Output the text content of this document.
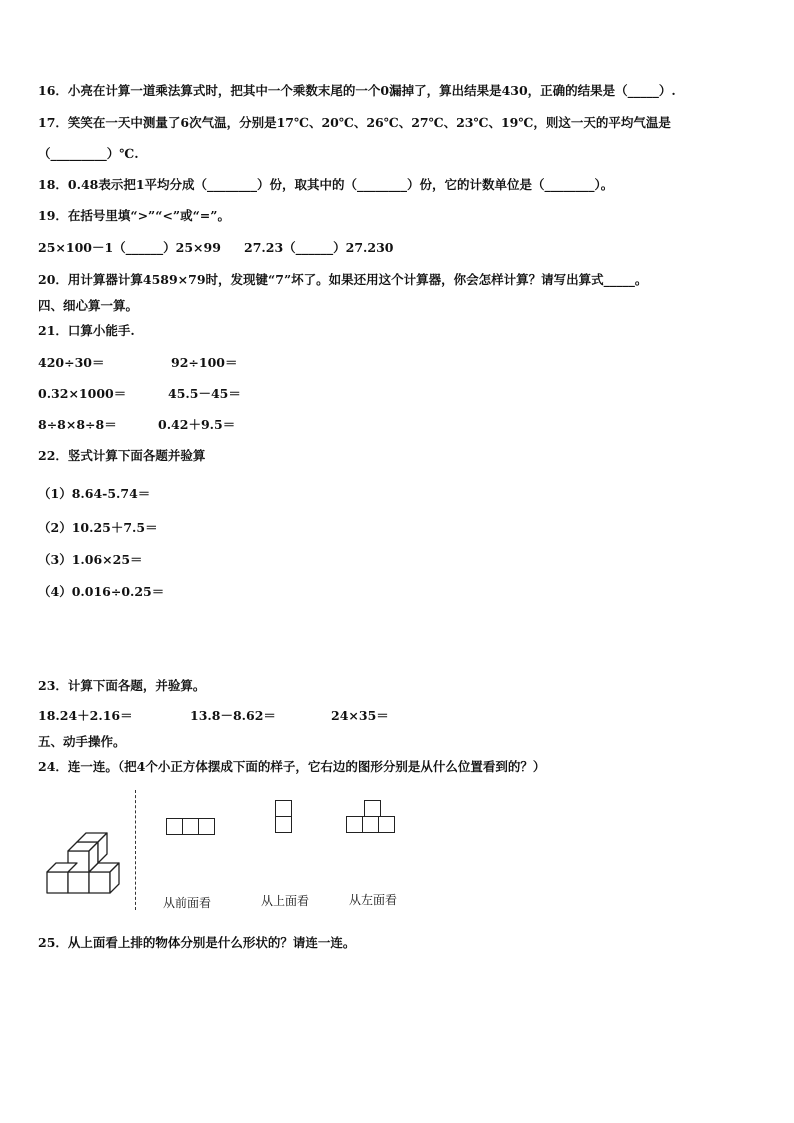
16．小亮在计算一道乘法算式时，把其中一个乘数末尾的一个0漏掉了，算出结果是430，正确的结果是（_____）.
17．笑笑在一天中测量了6次气温，分别是17℃、20℃、26℃、27℃、23℃、19℃，则这一天的平均气温是
（_________）℃.
18．0.48表示把1平均分成（________）份，取其中的（________）份，它的计数单位是（________）。
19．在括号里填“>”“<”或“=”。
25×100－1（______）25×99 27.23（______）27.230
20．用计算器计算4589×79时，发现键“7”坏了。如果还用这个计算器，你会怎样计算？请写出算式_____。
四、细心算一算。
21．口算小能手.
420÷30＝	92÷100＝
0.32×1000＝	45.5－45＝
8÷8×8÷8＝	0.42＋9.5＝
22．竖式计算下面各题并验算
（1）8.64-5.74＝
（2）10.25＋7.5＝
（3）1.06×25＝
（4）0.016÷0.25＝
23．计算下面各题，并验算。
18.24＋2.16＝	13.8－8.62＝	24×35＝
五、动手操作。
24．连一连。（把4个小正方体摆成下面的样子，它右边的图形分别是从什么位置看到的？）
从前面看	从上面看	从左面看
25．从上面看上排的物体分别是什么形状的？请连一连。
